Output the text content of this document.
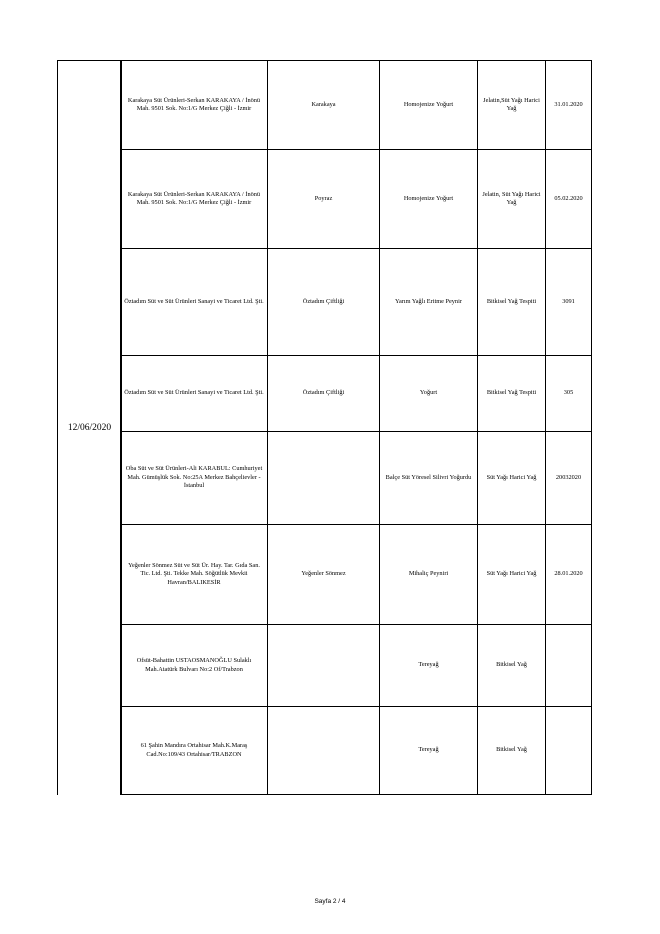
12/06/2020
Karakaya Süt Ürünleri-Serkan KARAKAYA / İnönü Mah. 9501 Sok. No:1/G Merkez Çiğli - İzmir	Karakaya	Homojenize Yoğurt	Jelatin,Süt Yağı Harici Yağ	31.01.2020
Karakaya Süt Ürünleri-Serkan KARAKAYA / İnönü Mah. 9501 Sok. No:1/G Merkez Çiğli - İzmir	Poyraz	Homojenize Yoğurt	Jelatin, Süt Yağı Harici Yağ	05.02.2020
Öztadım Süt ve Süt Ürünleri Sanayi ve Ticaret Ltd. Şti.	Öztadım Çiftliği	Yarım Yağlı Eritme Peynir	Bitkisel Yağ Tespiti	3091
Öztadım Süt ve Süt Ürünleri Sanayi ve Ticaret Ltd. Şti.	Öztadım Çiftliği	Yoğurt	Bitkisel Yağ Tespiti	305
Oba Süt ve Süt Ürünleri-Ali KARABUL: Cumhuriyet Mah. Gümüşlük Sok. No:25A Merkez Bahçelievler - İstanbul		Balçe Süt Yöresel Silivri Yoğurdu	Süt Yağı Harici Yağ	20032020
Yeğenler Sönmez Süt ve Süt Ür. Hay. Tar. Gıda San. Tic. Ltd. Şti. Tekke Mah. Söğütlük Mevkii Havran/BALIKESİR	Yeğenler Sönmez	Mihaliç Peyniri	Süt Yağı Harici Yağ	28.01.2020
Ofsüt-Bahattin USTAOSMANOĞLU Sulaklı Mah.Atatürk Bulvarı No:2 Of/Trabzon		Tereyağ	Bitkisel Yağ	
61 Şahin Mandıra Ortahisar Mah.K.Maraş Cad.No:109/43 Ortahisar/TRABZON		Tereyağ	Bitkisel Yağ	
Sayfa 2 / 4
